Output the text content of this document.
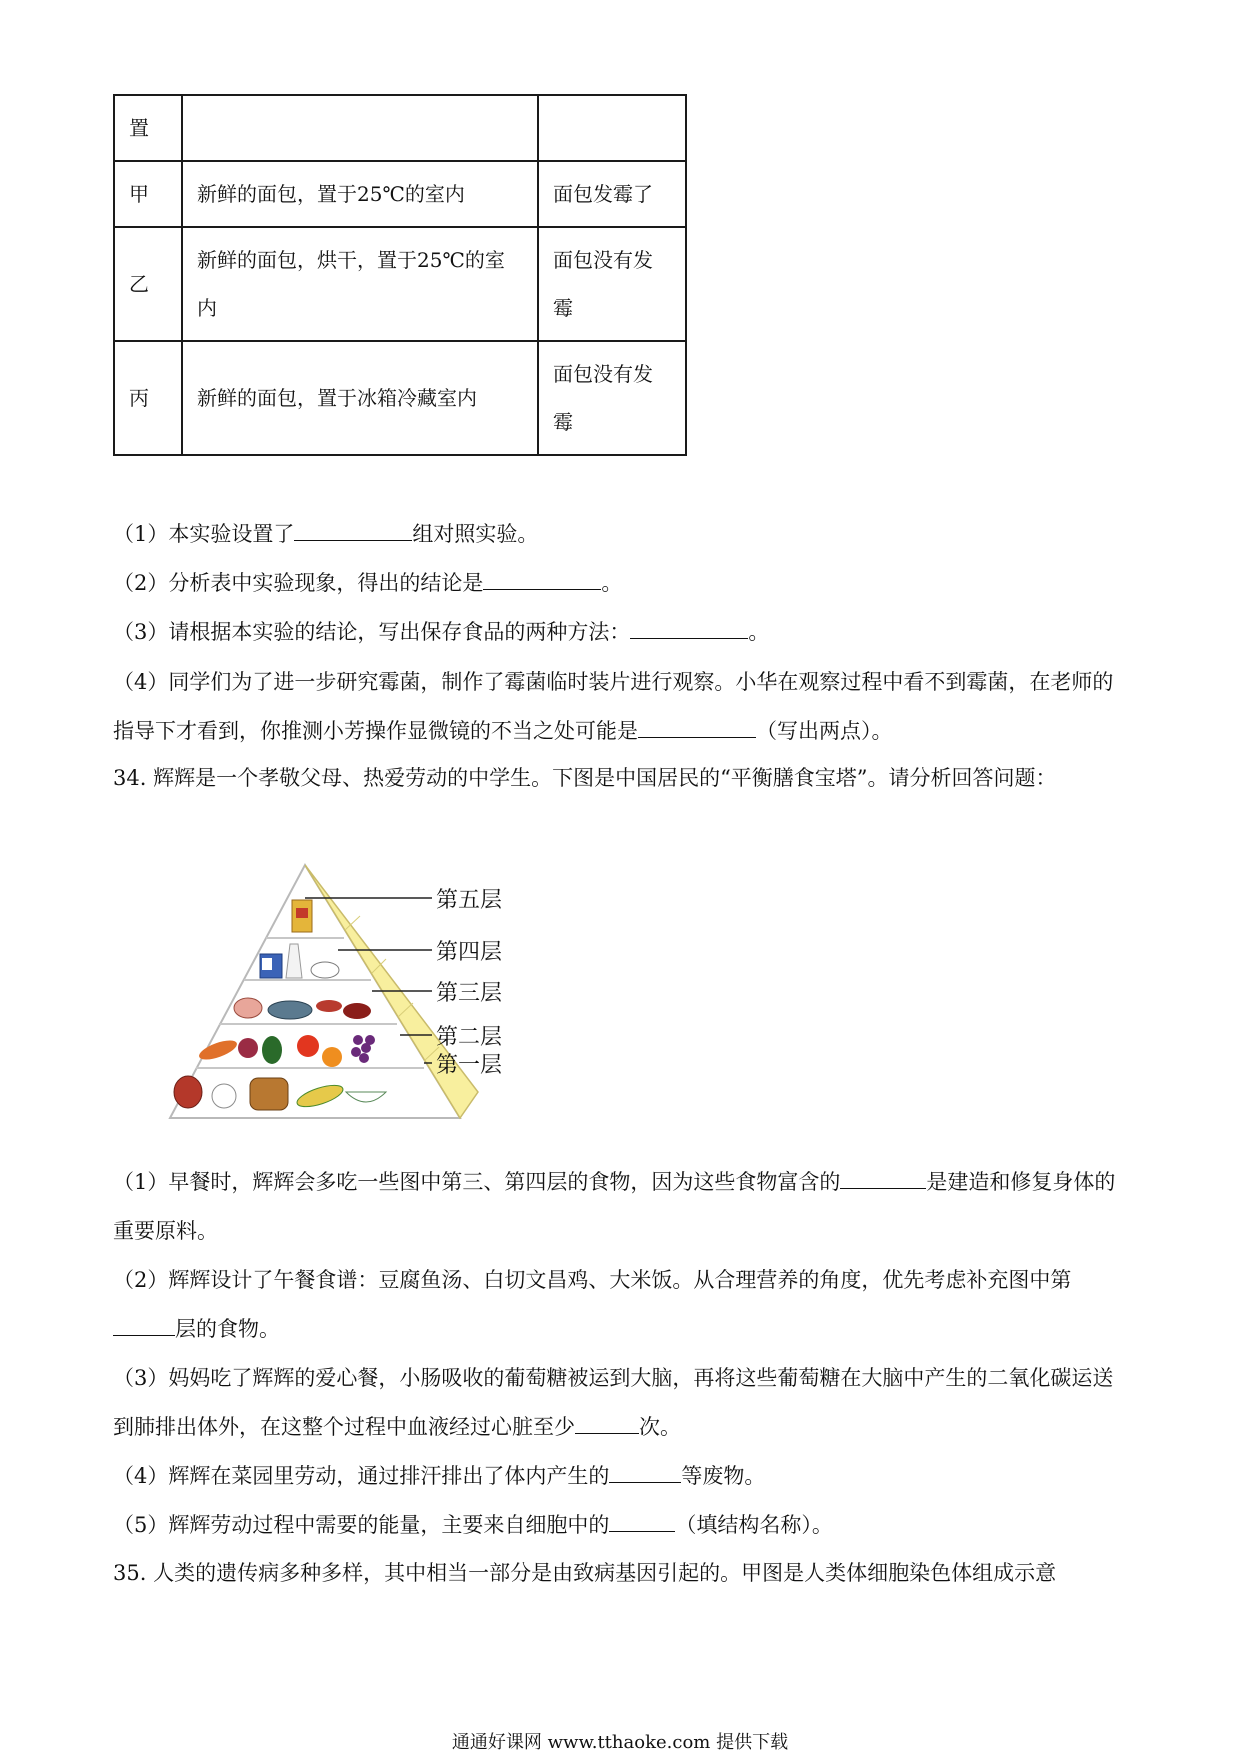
置		

甲	新鲜的面包，置于25℃的室内	面包发霉了

乙	新鲜的面包，烘干，置于25℃的室内	面包没有发霉

丙	新鲜的面包，置于冰箱冷藏室内	面包没有发霉
（1）本实验设置了	组对照实验。
（2）分析表中实验现象，得出的结论是	。
（3）请根据本实验的结论，写出保存食品的两种方法：	。
（4）同学们为了进一步研究霉菌，制作了霉菌临时装片进行观察。小华在观察过程中看不到霉菌，在老师的指导下才看到，你推测小芳操作显微镜的不当之处可能是	（写出两点）。
34. 辉辉是一个孝敬父母、热爱劳动的中学生。下图是中国居民的“平衡膳食宝塔”。请分析回答问题：
第五层
第四层
第三层
第二层
第一层
（1）早餐时，辉辉会多吃一些图中第三、第四层的食物，因为这些食物富含的	是建造和修复身体的重要原料。
（2）辉辉设计了午餐食谱：豆腐鱼汤、白切文昌鸡、大米饭。从合理营养的角度，优先考虑补充图中第层的食物。
（3）妈妈吃了辉辉的爱心餐，小肠吸收的葡萄糖被运到大脑，再将这些葡萄糖在大脑中产生的二氧化碳运送到肺排出体外，在这整个过程中血液经过心脏至少	次。
（4）辉辉在菜园里劳动，通过排汗排出了体内产生的	等废物。
（5）辉辉劳动过程中需要的能量，主要来自细胞中的	（填结构名称）。
35. 人类的遗传病多种多样，其中相当一部分是由致病基因引起的。甲图是人类体细胞染色体组成示意
通通好课网 www.tthaoke.com 提供下载
